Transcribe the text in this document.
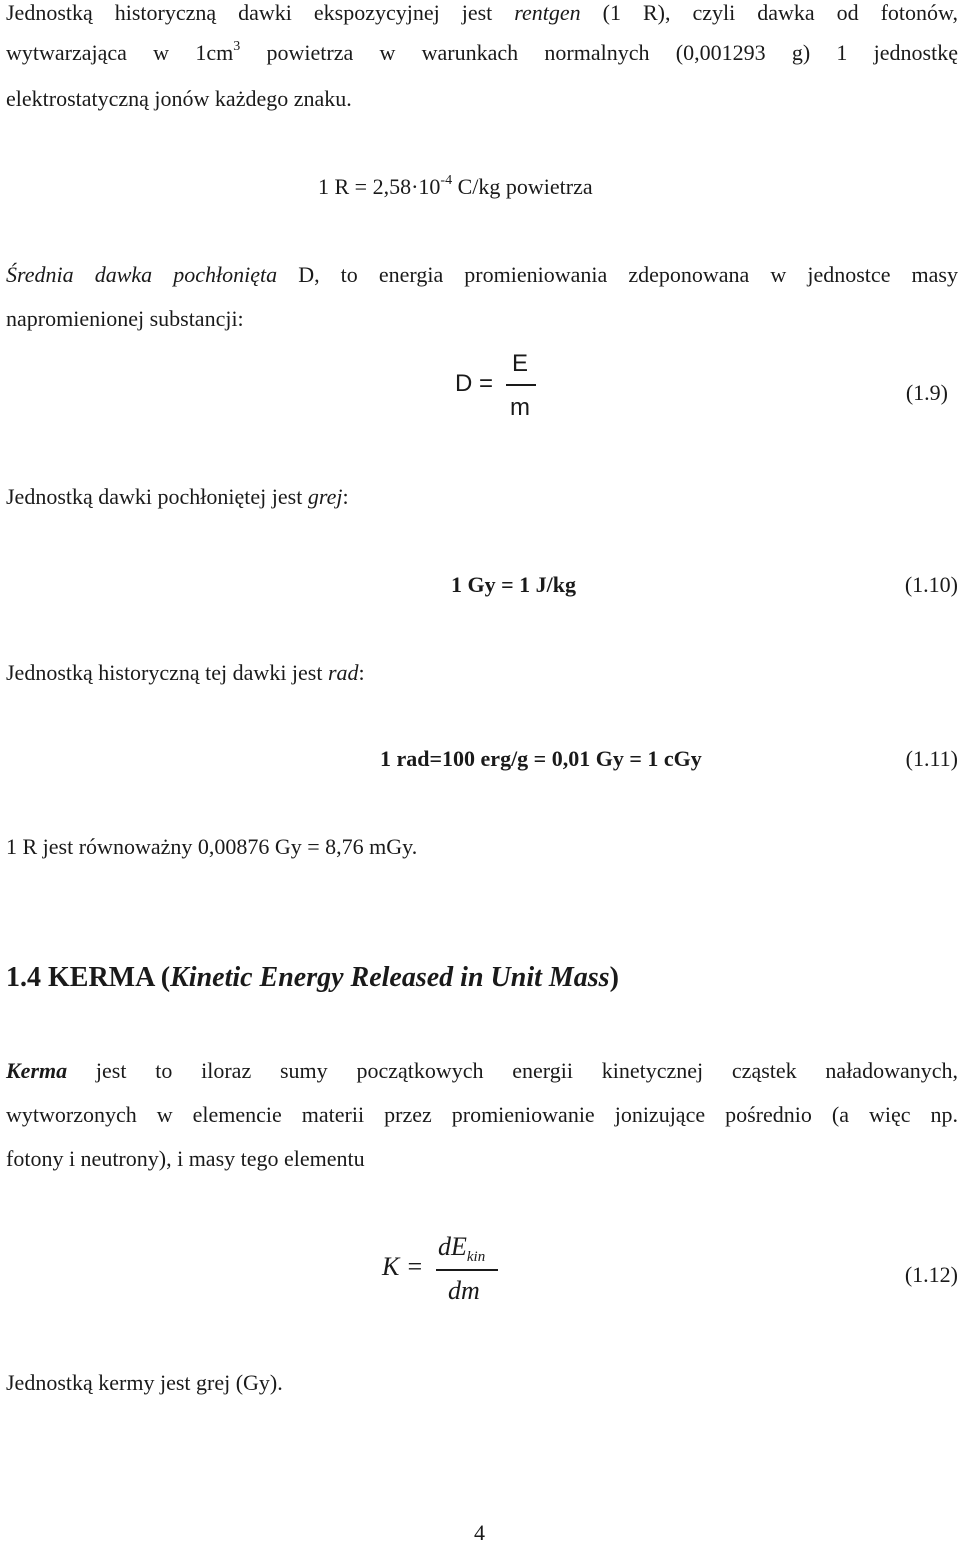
Jednostką historyczną dawki ekspozycyjnej jest rentgen (1 R), czyli dawka od fotonów,
wytwarzająca w $1cm^3$ powietrza w warunkach normalnych (0,001293 g) 1 jednostkę
elektrostatyczną jonów każdego znaku.
1 $R = 2,58\cdot 10^{-4}$ C/kg powietrza
Średnia dawka pochłonięta D, to energia promieniowania zdeponowana w jednostce masy
napromienionej substancji:
D =
E
m
(1.9)
Jednostką dawki pochłoniętej jest grej:
1 Gy = 1 J/kg	(1.10)
Jednostką historyczną tej dawki jest rad:
1 rad=100 erg/g = 0,01 Gy = 1 cGy	(1.11)
1 R jest równoważny 0,00876 Gy = 8,76 mGy.
1.4 KERMA (Kinetic Energy Released in Unit Mass)
Kerma jest to iloraz sumy początkowych energii kinetycznej cząstek naładowanych,
wytworzonych w elemencie materii przez promieniowanie jonizujące pośrednio (a więc np.
fotony i neutrony), i masy tego elementu
K =
$dE_{kin}$
dm
(1.12)
Jednostką kermy jest grej (Gy).
4
